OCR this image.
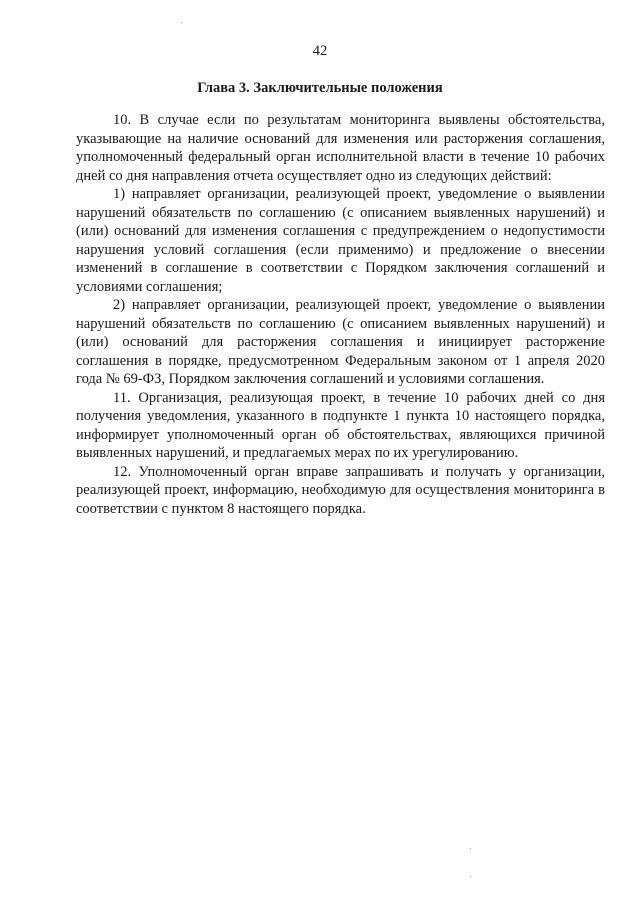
42
Глава 3. Заключительные положения

10. В случае если по результатам мониторинга выявлены обстоятельства, указывающие на наличие оснований для изменения или расторжения соглашения, уполномоченный федеральный орган исполнительной власти в течение 10 рабочих дней со дня направления отчета осуществляет одно из следующих действий:

1) направляет организации, реализующей проект, уведомление о выявлении нарушений обязательств по соглашению (с описанием выявленных нарушений) и (или) оснований для изменения соглашения с предупреждением о недопустимости нарушения условий соглашения (если применимо) и предложение о внесении изменений в соглашение в соответствии с Порядком заключения соглашений и условиями соглашения;

2) направляет организации, реализующей проект, уведомление о выявлении нарушений обязательств по соглашению (с описанием выявленных нарушений) и (или) оснований для расторжения соглашения и инициирует расторжение соглашения в порядке, предусмотренном Федеральным законом от 1 апреля 2020 года № 69-ФЗ, Порядком заключения соглашений и условиями соглашения.

11. Организация, реализующая проект, в течение 10 рабочих дней со дня получения уведомления, указанного в подпункте 1 пункта 10 настоящего порядка, информирует уполномоченный орган об обстоятельствах, являющихся причиной выявленных нарушений, и предлагаемых мерах по их урегулированию.

12. Уполномоченный орган вправе запрашивать и получать у организации, реализующей проект, информацию, необходимую для осуществления мониторинга в соответствии с пунктом 8 настоящего порядка.
